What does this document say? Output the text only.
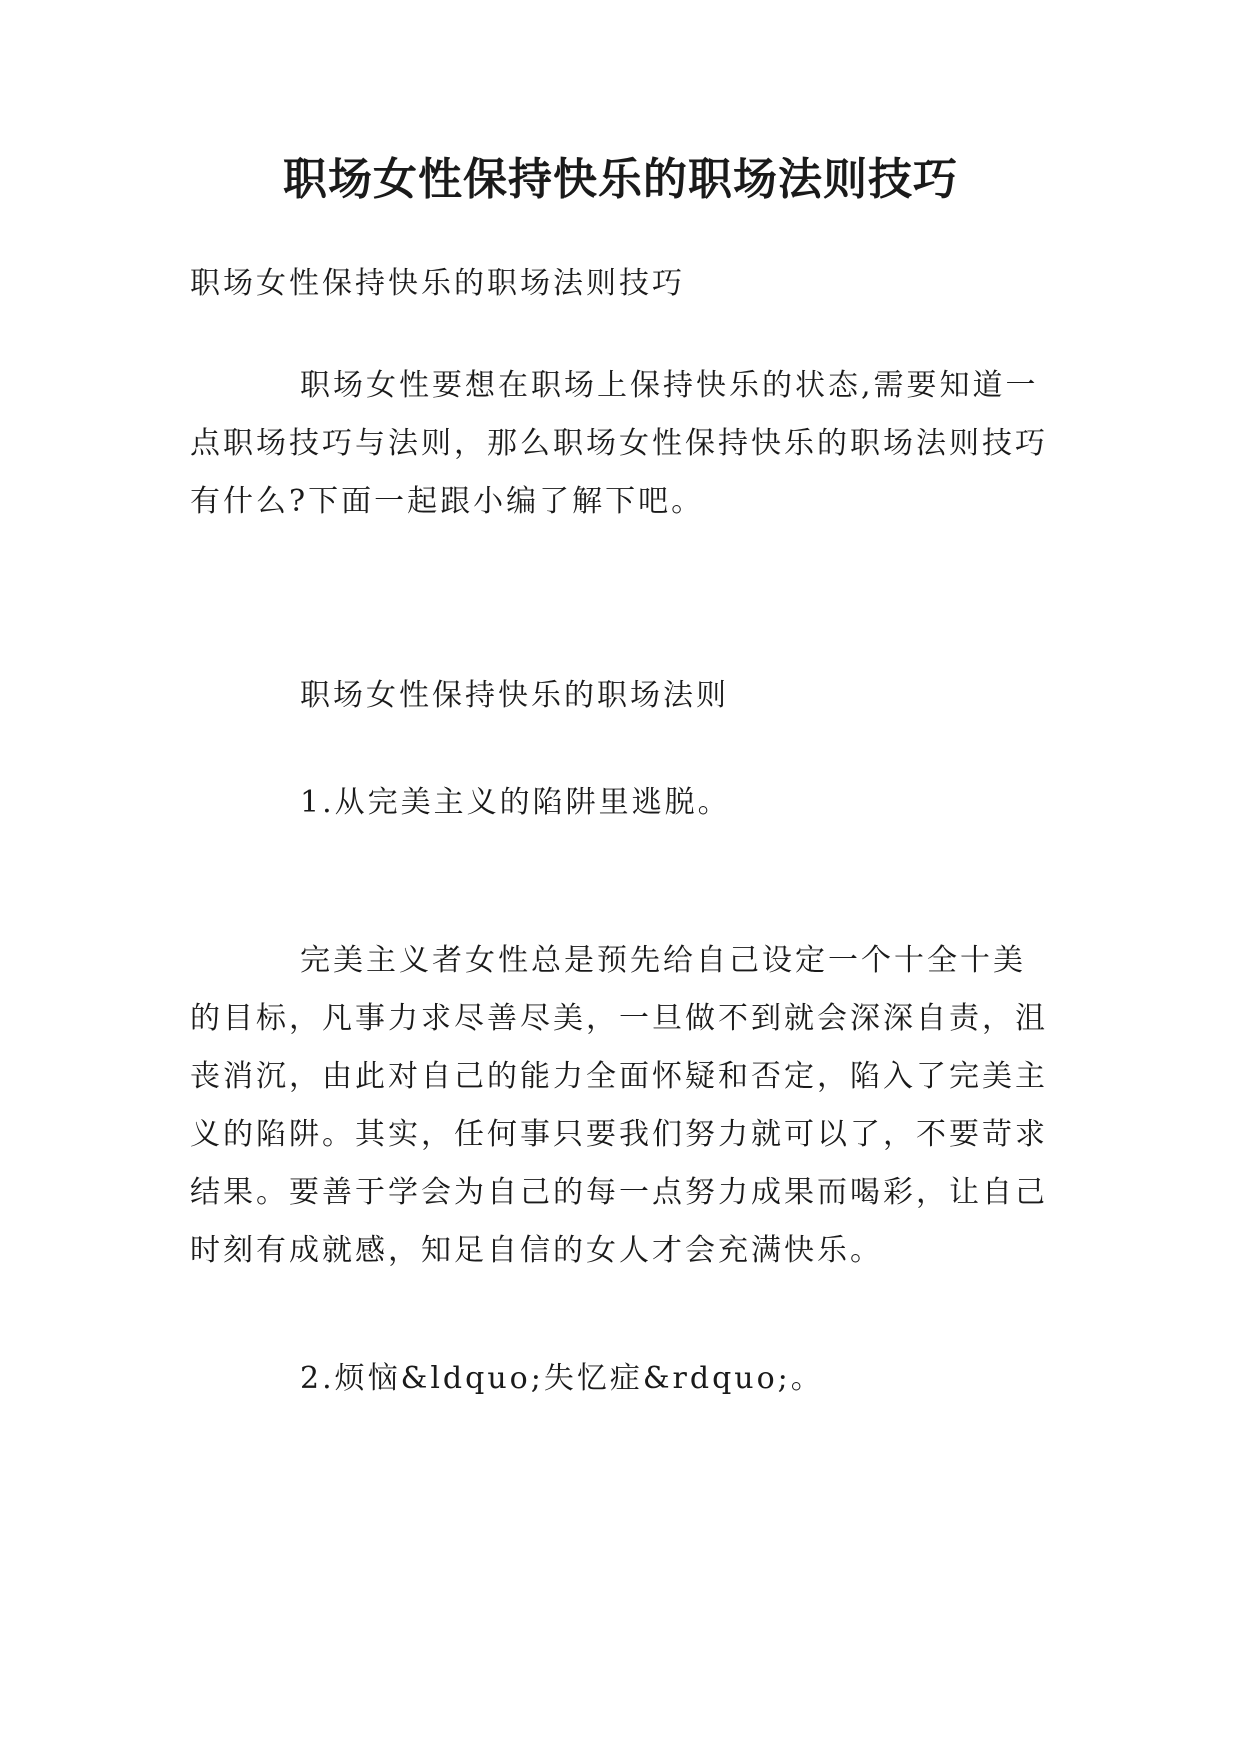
职场女性保持快乐的职场法则技巧

职场女性保持快乐的职场法则技巧

职场女性要想在职场上保持快乐的状态,需要知道一点职场技巧与法则，那么职场女性保持快乐的职场法则技巧有什么?下面一起跟小编了解下吧。

职场女性保持快乐的职场法则

1.从完美主义的陷阱里逃脱。

完美主义者女性总是预先给自己设定一个十全十美的目标，凡事力求尽善尽美，一旦做不到就会深深自责，沮丧消沉，由此对自己的能力全面怀疑和否定，陷入了完美主义的陷阱。其实，任何事只要我们努力就可以了，不要苛求结果。要善于学会为自己的每一点努力成果而喝彩，让自己时刻有成就感，知足自信的女人才会充满快乐。

2.烦恼&ldquo;失忆症&rdquo;。
